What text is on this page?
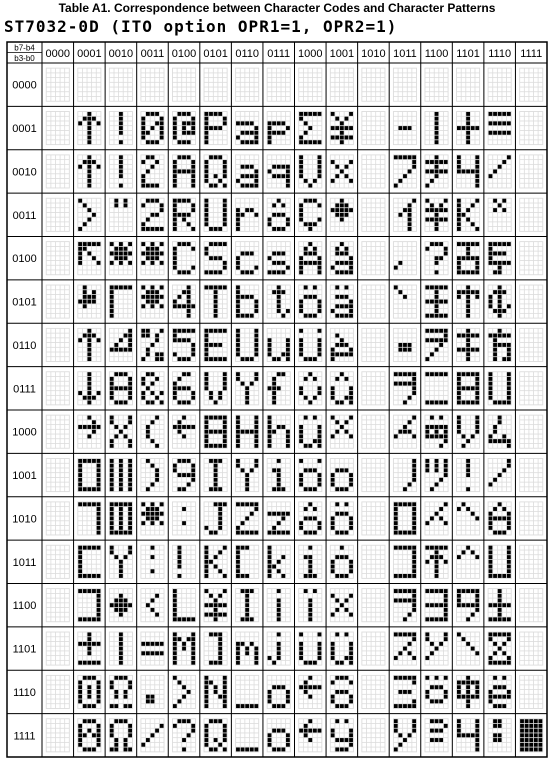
Table A1. Correspondence between Character Codes and Character Patterns
ST7032-0D (ITO option OPR1=1, OPR2=1)
b7-b4
b3-b0 0000 0001 0010 0011 0100 0101 0110 0111 1000 1001 1010 1011 1100 1101 1110 1111
0000
0001
0010
0011
0100
0101
0110
0111
1000
1001
1010
1011
1100
1101
1110
1111
